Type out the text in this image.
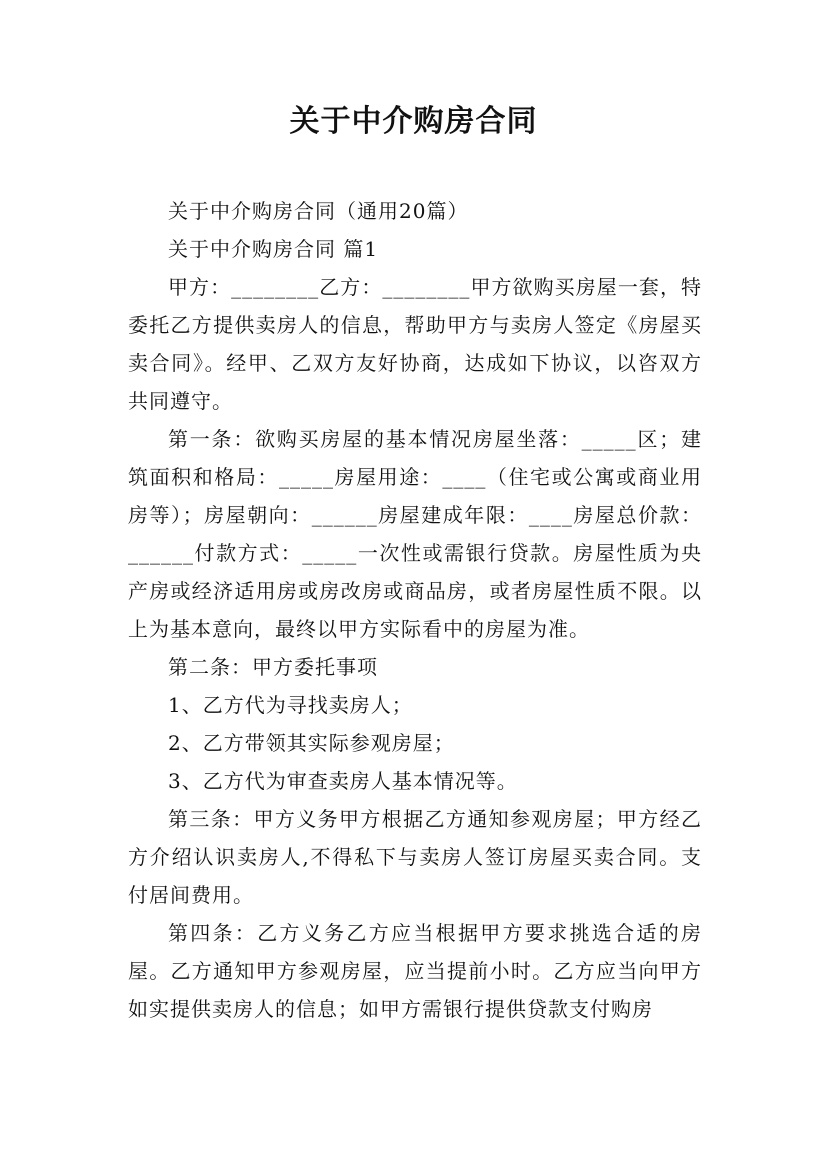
关于中介购房合同

关于中介购房合同（通用20篇）

关于中介购房合同 篇1

甲方：________乙方：________甲方欲购买房屋一套，特委托乙方提供卖房人的信息，帮助甲方与卖房人签定《房屋买卖合同》。经甲、乙双方友好协商，达成如下协议，以咨双方共同遵守。

第一条：欲购买房屋的基本情况房屋坐落：_____区；建筑面积和格局：_____房屋用途：____（住宅或公寓或商业用房等）；房屋朝向：______房屋建成年限：____房屋总价款：______付款方式：_____一次性或需银行贷款。房屋性质为央产房或经济适用房或房改房或商品房，或者房屋性质不限。以上为基本意向，最终以甲方实际看中的房屋为准。

第二条：甲方委托事项

1、乙方代为寻找卖房人；

2、乙方带领其实际参观房屋；

3、乙方代为审查卖房人基本情况等。

第三条：甲方义务甲方根据乙方通知参观房屋；甲方经乙方介绍认识卖房人,不得私下与卖房人签订房屋买卖合同。支付居间费用。

第四条：乙方义务乙方应当根据甲方要求挑选合适的房屋。乙方通知甲方参观房屋，应当提前小时。乙方应当向甲方如实提供卖房人的信息；如甲方需银行提供贷款支付购房
